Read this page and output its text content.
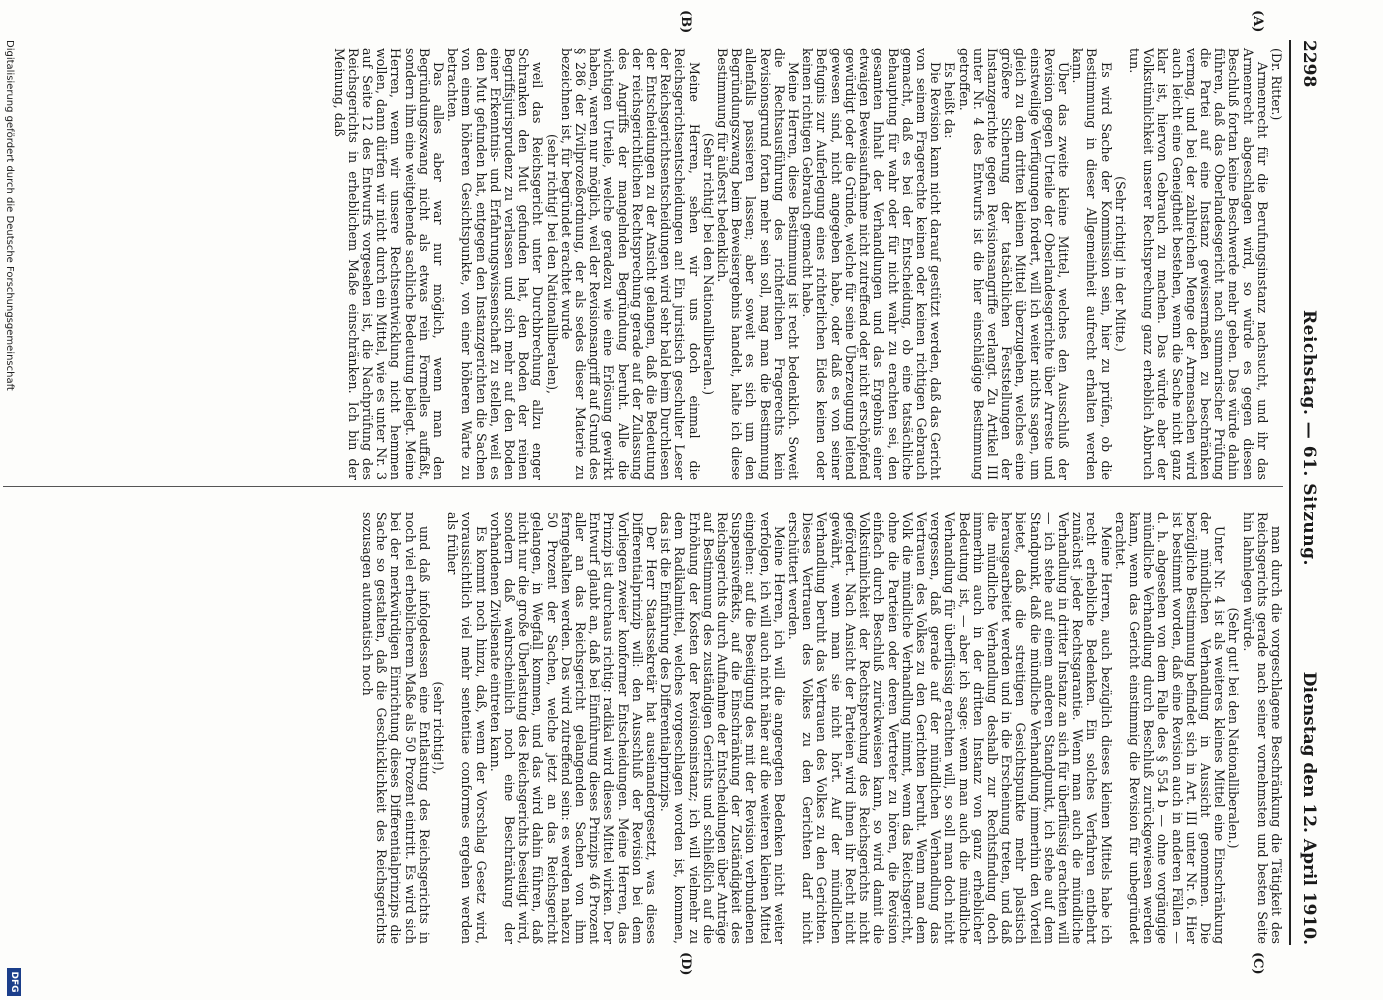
2298
Reichstag. — 61. Sitzung.
Dienstag den 12. April 1910.
(A)
(B)
(C)
(D)

(Dr. Ritter.)

Armenrecht für die Berufungsinstanz nachsucht, und ihr das Armenrecht abgeschlagen wird, so würde es gegen diesen Beschluß fortan keine Beschwerde mehr geben. Das würde dahin führen, daß das Oberlandesgericht nach summarischer Prüfung die Partei auf eine Instanz gewissermaßen zu beschränken vermag, und bei der zahlreichen Menge der Armensachen wird auch leicht eine Geneigtheit bestehen, wenn die Sache nicht ganz klar ist, hiervon Gebrauch zu machen. Das würde aber der Volkstümlichkeit unserer Rechtsprechung ganz erheblich Abbruch tun.

(Sehr richtig! in der Mitte.)

Es wird Sache der Kommission sein, hier zu prüfen, ob die Bestimmung in dieser Allgemeinheit aufrecht erhalten werden kann.

Über das zweite kleine Mittel, welches den Ausschluß der Revision gegen Urteile der Oberlandesgerichte über Arreste und einstweilige Verfügungen fordert, will ich weiter nichts sagen, um gleich zu dem dritten kleinen Mittel überzugehen, welches eine größere Sicherung der tatsächlichen Feststellungen der Instanzgerichte gegen Revisionsangriffe verlangt. Zu Artikel III unter Nr. 4 des Entwurfs ist die hier einschlägige Bestimmung getroffen.

Es heißt da:

Die Revision kann nicht darauf gestützt werden, daß das Gericht von seinem Fragerechte keinen oder keinen richtigen Gebrauch gemacht, daß es bei der Entscheidung, ob eine tatsächliche Behauptung für wahr oder für nicht wahr zu erachten sei, den gesamten Inhalt der Verhandlungen und das Ergebnis einer etwaigen Beweisaufnahme nicht zutreffend oder nicht erschöpfend gewürdigt oder die Gründe, welche für seine Überzeugung leitend gewesen sind, nicht angegeben habe, oder daß es von seiner Befugnis zur Auferlegung eines richterlichen Eides keinen oder keinen richtigen Gebrauch gemacht habe.

Meine Herren, diese Bestimmung ist recht bedenklich. Soweit die Rechtsausführung des richterlichen Fragerechts kein Revisionsgrund fortan mehr sein soll, mag man die Bestimmung allenfalls passieren lassen; aber soweit es sich um den Begründungszwang beim Beweisergebnis handelt, halte ich diese Bestimmung für äußerst bedenklich.

(Sehr richtig! bei den Nationalliberalen.)

Meine Herren, sehen wir uns doch einmal die Reichsgerichtsentscheidungen an! Ein juristisch geschulter Leser der Reichsgerichtsentscheidungen wird sehr bald beim Durchlesen der Entscheidungen zu der Ansicht gelangen, daß die Bedeutung der reichsgerichtlichen Rechtsprechung gerade auf der Zulassung des Angriffs der mangelnden Begründung beruht. Alle die wichtigen Urteile, welche geradezu wie eine Erlösung gewirkt haben, waren nur möglich, weil der Revisionsangriff auf Grund des § 286 der Zivilprozeßordnung, der als sedes dieser Materie zu bezeichnen ist, für begründet erachtet wurde

(sehr richtig! bei den Nationalliberalen),

weil das Reichsgericht unter Durchbrechung allzu enger Schranken den Mut gefunden hat, den Boden der reinen Begriffsjurisprudenz zu verlassen und sich mehr auf den Boden einer Erkenntnis- und Erfahrungswissenschaft zu stellen, weil es den Mut gefunden hat, entgegen den Instanzgerichten die Sachen von einem höheren Gesichtspunkte, von einer höheren Warte zu betrachten.

Das alles aber war nur möglich, wenn man den Begründungszwang nicht als etwas rein Formelles auffaßt, sondern ihm eine weitgehende sachliche Bedeutung beilegt. Meine Herren, wenn wir unsere Rechtsentwicklung nicht hemmen wollen, dann dürfen wir nicht durch ein Mittel, wie es unter Nr. 3 auf Seite 12 des Entwurfs vorgesehen ist, die Nachprüfung des Reichsgerichts in erheblichem Maße einschränken. Ich bin der Meinung, daß

man durch die vorgeschlagene Beschränkung die Tätigkeit des Reichsgerichts gerade nach seiner vornehmsten und besten Seite hin lahmlegen würde.

(Sehr gut! bei den Nationalliberalen.)

Unter Nr. 4 ist als weiteres kleines Mittel eine Einschränkung der mündlichen Verhandlung in Aussicht genommen. Die bezügliche Bestimmung befindet sich in Art. III unter Nr. 6. Hier ist bestimmt worden, daß eine Revision auch in anderen Fällen — d. h. abgesehen von dem Falle des § 554 b — ohne vorgängige mündliche Verhandlung durch Beschluß zurückgewiesen werden kann, wenn das Gericht einstimmig die Revision für unbegründet erachtet.

Meine Herren, auch bezüglich dieses kleinen Mittels habe ich recht erhebliche Bedenken. Ein solches Verfahren entbehrt zunächst jeder Rechtsgarantie. Wenn man auch die mündliche Verhandlung in dritter Instanz an sich für überflüssig erachten will — ich stehe auf einem anderen Standpunkt, ich stehe auf dem Standpunkt, daß die mündliche Verhandlung immerhin den Vorteil bietet, daß die streitigen Gesichtspunkte mehr plastisch herausgearbeitet werden und in die Erscheinung treten, und daß die mündliche Verhandlung deshalb zur Rechtsfindung doch immerhin auch in der dritten Instanz von ganz erheblicher Bedeutung ist, — aber ich sage: wenn man auch die mündliche Verhandlung für überflüssig erachten will, so soll man doch nicht vergessen, daß gerade auf der mündlichen Verhandlung das Vertrauen des Volkes zu den Gerichten beruht. Wenn man dem Volk die mündliche Verhandlung nimmt, wenn das Reichsgericht, ohne die Parteien oder deren Vertreter zu hören, die Revision einfach durch Beschluß zurückweisen kann, so wird damit die Volkstümlichkeit der Rechtsprechung des Reichsgerichts nicht gefördert. Nach Ansicht der Parteien wird ihnen ihr Recht nicht gewährt, wenn man sie nicht hört. Auf der mündlichen Verhandlung beruht das Vertrauen des Volkes zu den Gerichten. Dieses Vertrauen des Volkes zu den Gerichten darf nicht erschüttert werden.

Meine Herren, ich will die angeregten Bedenken nicht weiter verfolgen, ich will auch nicht näher auf die weiteren kleinen Mittel eingehen: auf die Beseitigung des mit der Revision verbundenen Suspensiveffekts, auf die Einschränkung der Zuständigkeit des Reichsgerichts durch Aufnahme der Entscheidungen über Anträge auf Bestimmung des zuständigen Gerichts und schließlich auf die Erhöhung der Kosten der Revisionsinstanz; ich will vielmehr zu dem Radikalmittel, welches vorgeschlagen worden ist, kommen, das ist die Einführung des Differentialprinzips.

Der Herr Staatssekretär hat auseinandergesetzt, was dieses Differentialprinzip will: den Ausschluß der Revision bei dem Vorliegen zweier konformer Entscheidungen. Meine Herren, das Prinzip ist durchaus richtig: radikal wird dieses Mittel wirken. Der Entwurf glaubt an, daß bei Einführung dieses Prinzips 46 Prozent aller an das Reichsgericht gelangenden Sachen von ihm ferngehalten werden. Das wird zutreffend sein: es werden nahezu 50 Prozent der Sachen, welche jetzt an das Reichsgericht gelangen, in Wegfall kommen, und das wird dahin führen, daß nicht nur die große Überlastung des Reichsgerichts beseitigt wird, sondern daß wahrscheinlich noch eine Beschränkung der vorhandenen Zivilsenate eintreten kann.

Es kommt noch hinzu, daß, wenn der Vorschlag Gesetz wird, voraussichtlich viel mehr sententiae conformes ergehen werden als früher

(sehr richtig!),

und daß infolgedessen eine Entlastung des Reichsgerichts in noch viel erheblicherem Maße als 50 Prozent eintritt. Es wird sich bei der merkwürdigen Einrichtung dieses Differentialprinzips die Sache so gestalten, daß die Geschicklichkeit des Reichsgerichts sozusagen automatisch noch

Digitalisierung gefördert durch die Deutsche Forschungsgemeinschaft
DFG
